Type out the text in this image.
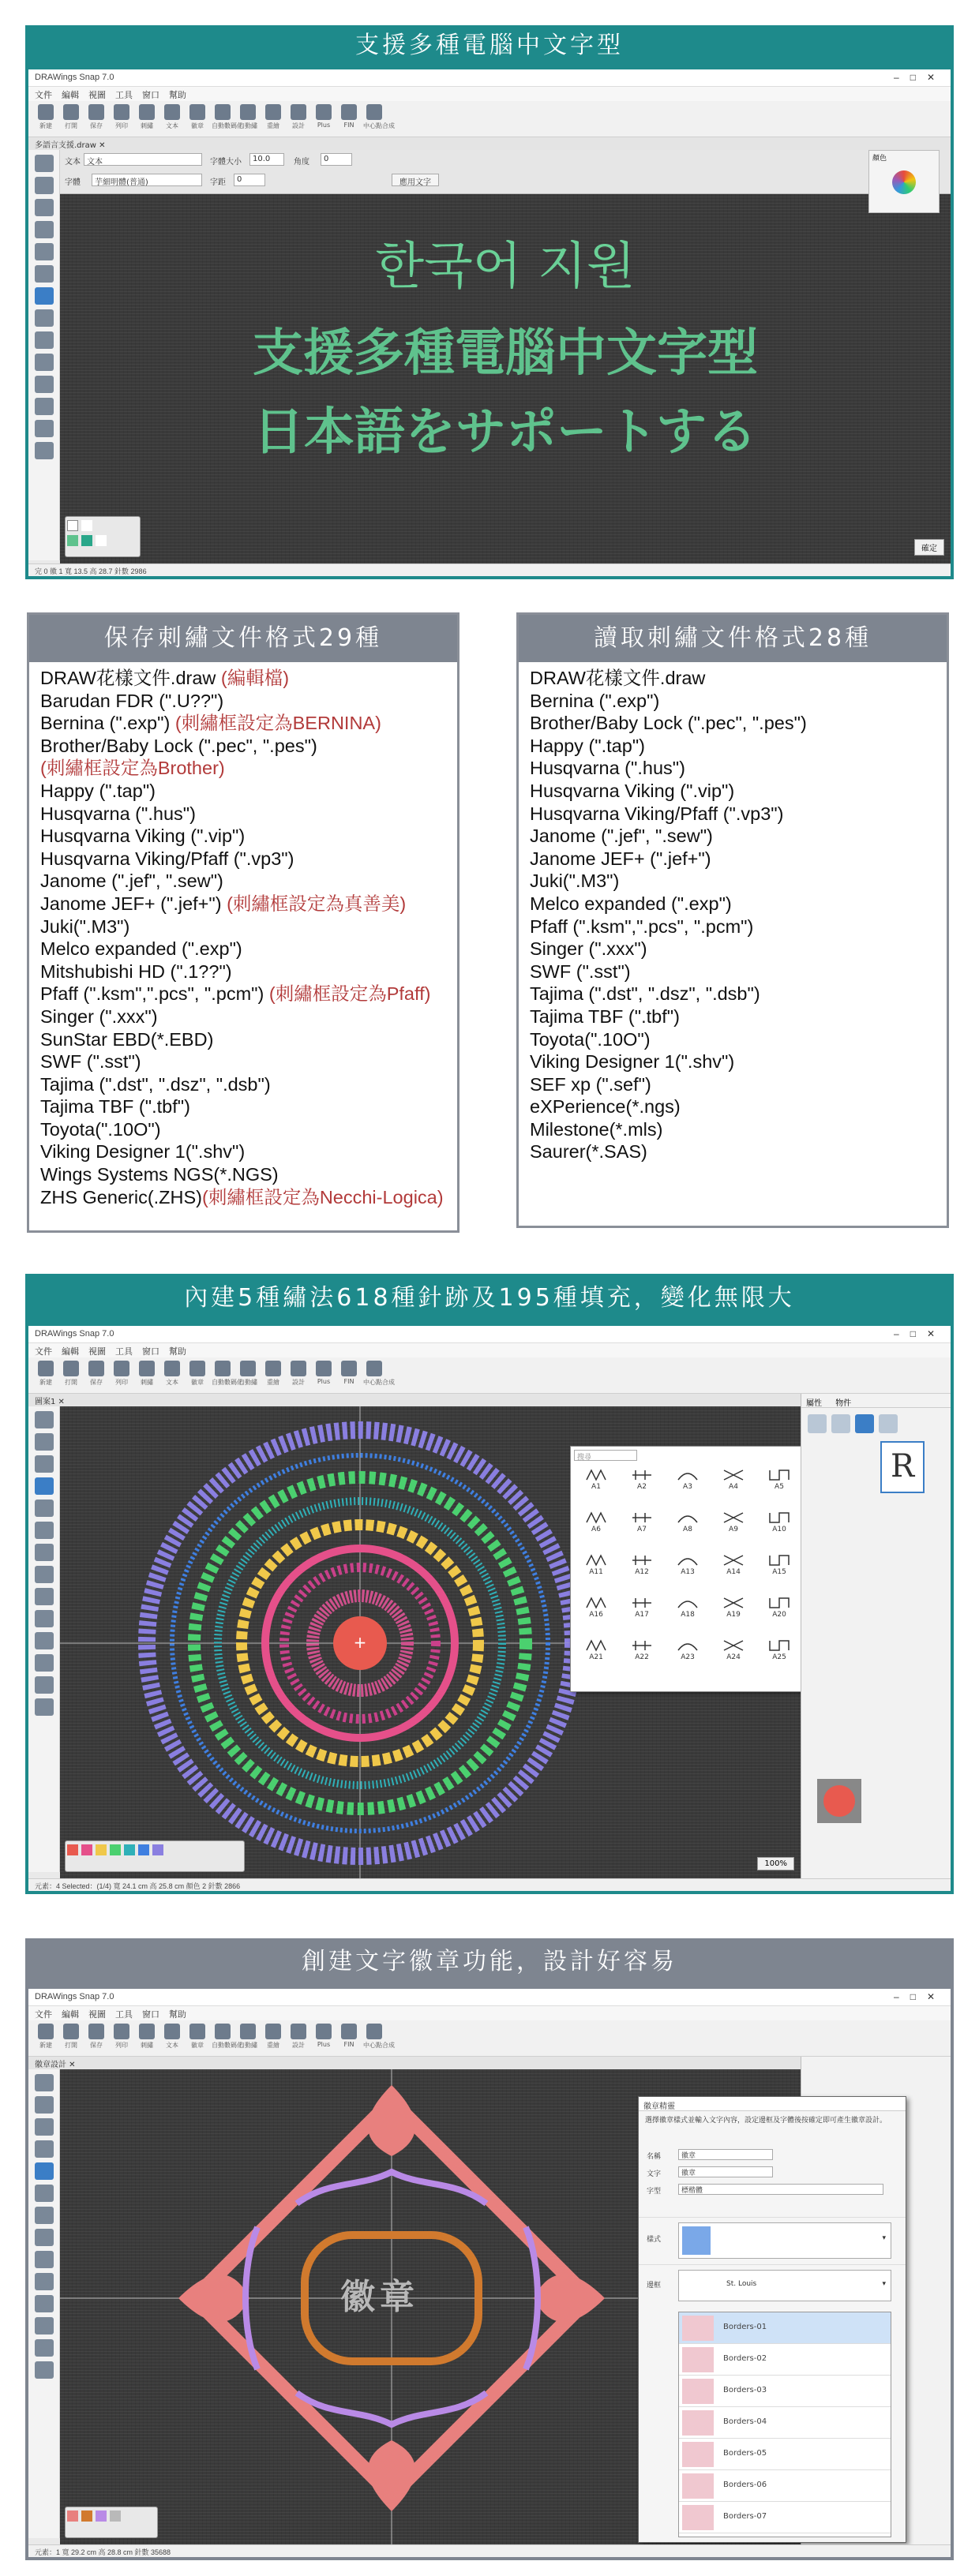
支援多種電腦中文字型
DRAWings Snap 7.0	–□✕
文件 編輯 視圖 工具 窗口 幫助
新建	打開	保存	列印	刺繡	文本	徽章	自動數碼化
自動繡	重繪	設計	Plus	FIN	中心點合成
多語言支援.draw ✕
文本 文本	字體大小	10.0	角度	0
字體	芋細明體(普通)	字距	0	應用文字
한국어 지원
支援多種電腦中文字型
日本語をサポートする

確定
顏色
完 0 徽 1 寬 13.5 高 28.7 針數 2986
保存刺繡文件格式29種
DRAW花樣文件.draw (編輯檔)
Barudan FDR (".U??")
Bernina (".exp") (刺繡框設定為BERNINA)
Brother/Baby Lock (".pec", ".pes")
(刺繡框設定為Brother)
Happy (".tap")
Husqvarna (".hus")
Husqvarna Viking (".vip")
Husqvarna Viking/Pfaff (".vp3")
Janome (".jef", ".sew")
Janome JEF+ (".jef+") (刺繡框設定為真善美)
Juki(".M3")
Melco expanded (".exp")
Mitshubishi HD (".1??")
Pfaff (".ksm",".pcs", ".pcm") (刺繡框設定為Pfaff)
Singer (".xxx")
SunStar EBD(*.EBD)
SWF (".sst")
Tajima (".dst", ".dsz", ".dsb")
Tajima TBF (".tbf")
Toyota(".10O")
Viking Designer 1(".shv")
Wings Systems NGS(*.NGS)
ZHS Generic(.ZHS)(刺繡框設定為Necchi-Logica)
讀取刺繡文件格式28種
DRAW花樣文件.draw
Bernina (".exp")
Brother/Baby Lock (".pec", ".pes")
Happy (".tap")
Husqvarna (".hus")
Husqvarna Viking (".vip")
Husqvarna Viking/Pfaff (".vp3")
Janome (".jef", ".sew")
Janome JEF+ (".jef+")
Juki(".M3")
Melco expanded (".exp")
Pfaff (".ksm",".pcs", ".pcm")
Singer (".xxx")
SWF (".sst")
Tajima (".dst", ".dsz", ".dsb")
Tajima TBF (".tbf")
Toyota(".10O")
Viking Designer 1(".shv")
SEF xp (".sef")
eXPerience(*.ngs)
Milestone(*.mls)
Saurer(*.SAS)
內建5種繡法618種針跡及195種填充，變化無限大
DRAWings Snap 7.0	–□✕
文件 編輯 視圖 工具 窗口 幫助
新建	打開	保存	列印	刺繡	文本	徽章	自動數碼化
自動繡	重繪	設計	Plus	FIN	中心點合成
圖案1 ✕
+
搜尋
A1	A2	A3	A4	A5
A6	A7	A8	A9	A10
A11	A12	A13	A14	A15
A16	A17	A18	A19	A20
A21	A22	A23	A24	A25
100%
屬性 物件
R
元素：4 Selected：(1/4) 寬 24.1 cm 高 25.8 cm 顏色 2 針數 2866
創建文字徽章功能，設計好容易
DRAWings Snap 7.0	–□✕
文件 編輯 視圖 工具 窗口 幫助
新建	打開	保存	列印	刺繡	文本	徽章	自動數碼化
自動繡	重繪	設計	Plus	FIN	中心點合成
徽章設計 ✕
徽章
徽章精靈
選擇徽章樣式並輸入文字內容，設定邊框及字體後按確定即可產生徽章設計。
名稱	徽章
文字	徽章
字型	標楷體
樣式	▾
邊框	St. Louis	▾
Borders-01
Borders-02
Borders-03
Borders-04
Borders-05
Borders-06
Borders-07
元素：1 寬 29.2 cm 高 28.8 cm 針數 35688
